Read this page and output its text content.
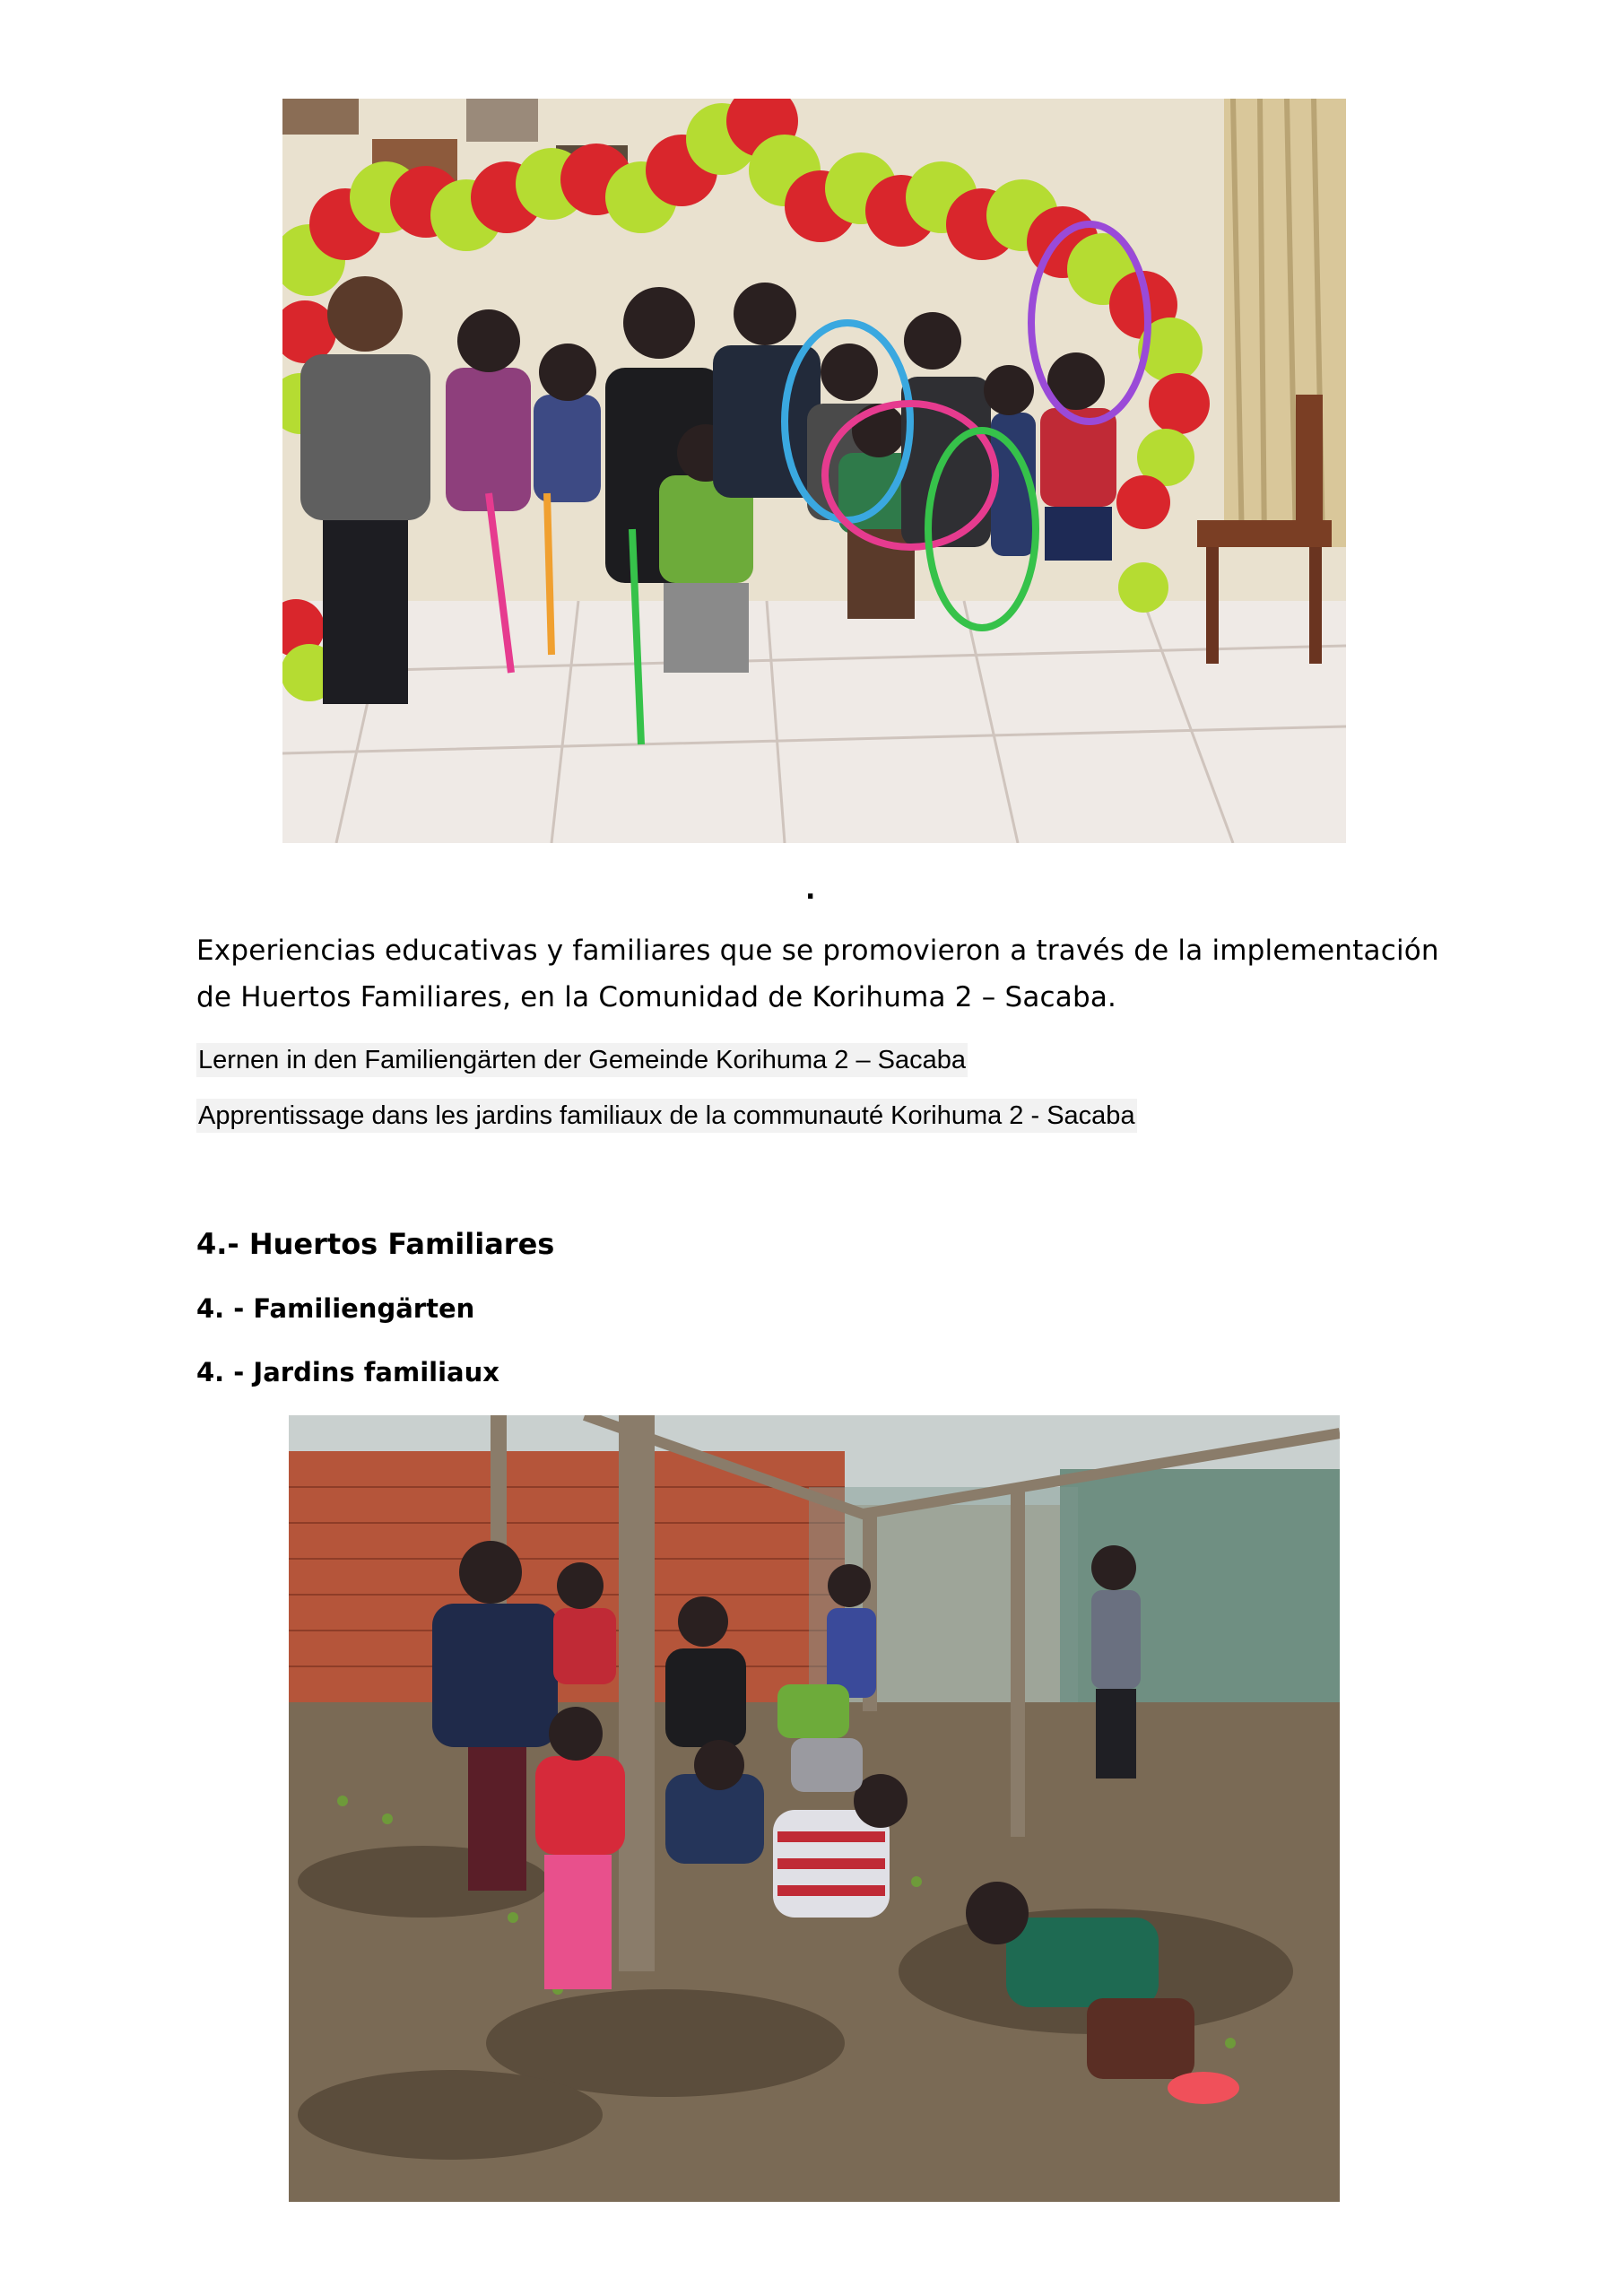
.
Experiencias educativas y familiares que se promovieron a través de la implementación de Huertos Familiares, en la Comunidad de Korihuma 2 – Sacaba.
Lernen in den Familiengärten der Gemeinde Korihuma 2 – Sacaba
Apprentissage dans les jardins familiaux de la communauté Korihuma 2 - Sacaba
4.- Huertos Familiares
4. - Familiengärten
4. - Jardins familiaux
